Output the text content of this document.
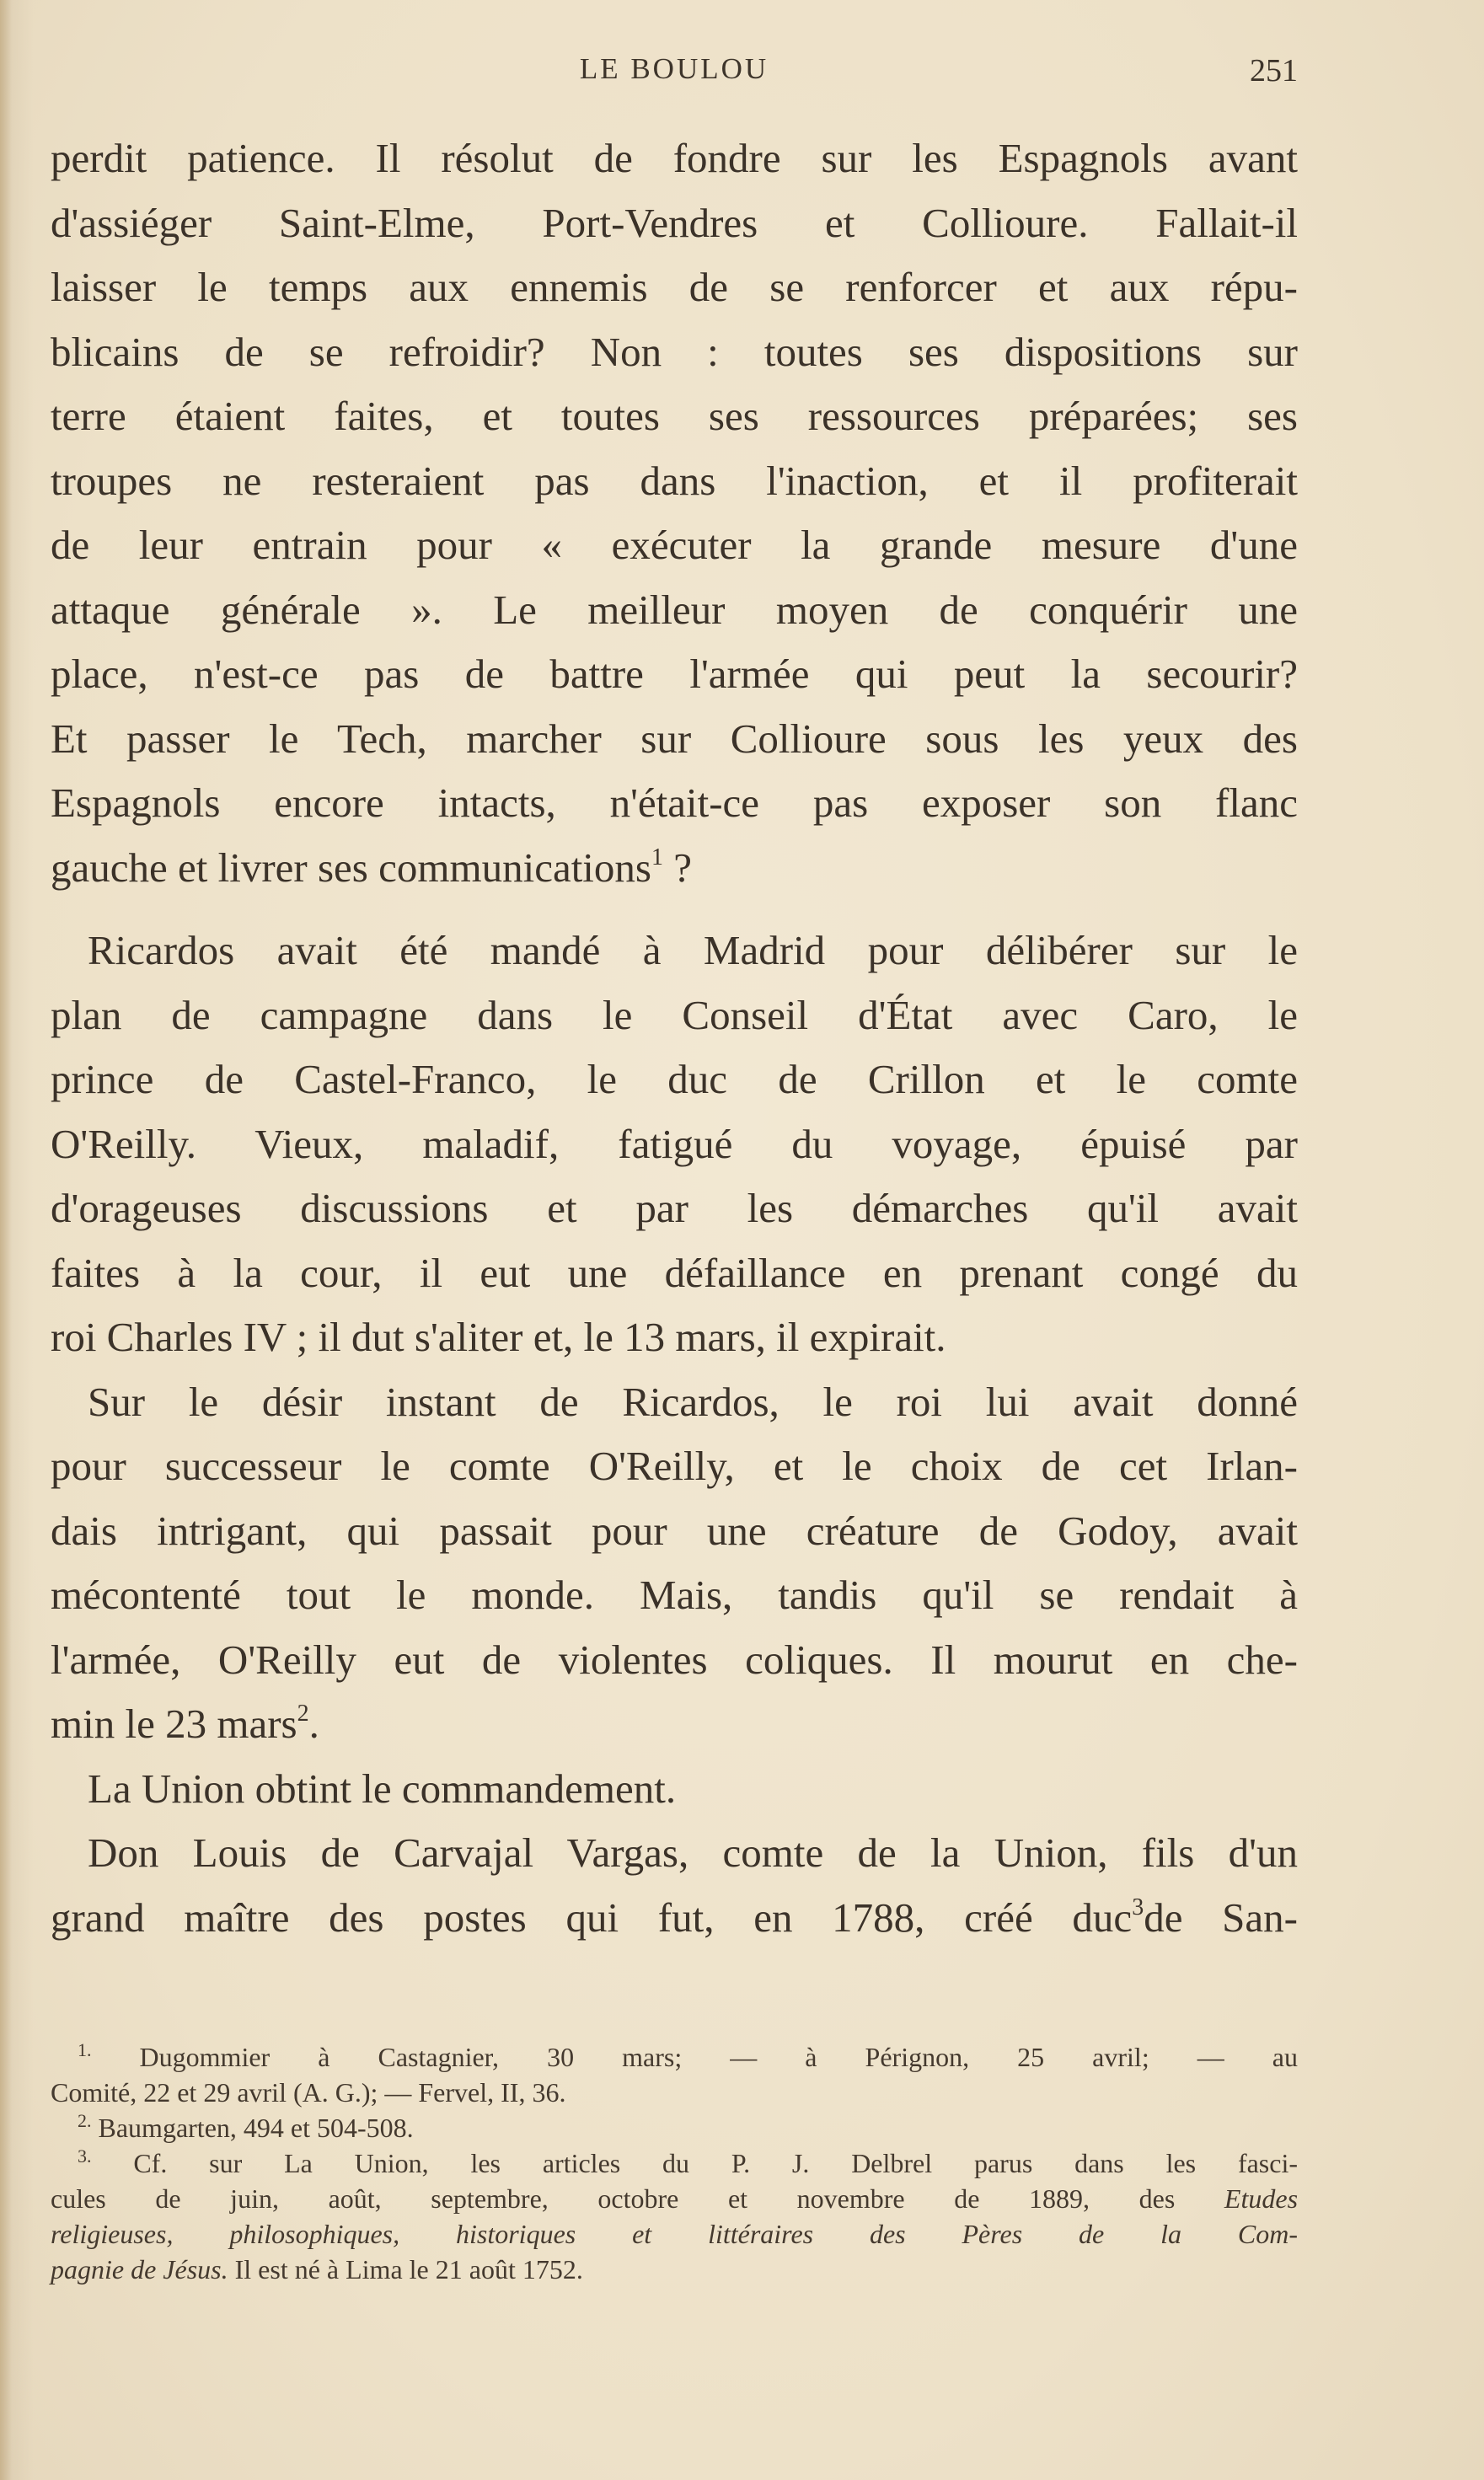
LE BOULOU	251
perdit patience. Il résolut de fondre sur les Espagnols avant
d'assiéger Saint-Elme, Port-Vendres et Collioure. Fallait-il
laisser le temps aux ennemis de se renforcer et aux répu-
blicains de se refroidir? Non : toutes ses dispositions sur
terre étaient faites, et toutes ses ressources préparées; ses
troupes ne resteraient pas dans l'inaction, et il profiterait
de leur entrain pour « exécuter la grande mesure d'une
attaque générale ». Le meilleur moyen de conquérir une
place, n'est-ce pas de battre l'armée qui peut la secourir?
Et passer le Tech, marcher sur Collioure sous les yeux des
Espagnols encore intacts, n'était-ce pas exposer son flanc
gauche et livrer ses communications$^1$ ?
Ricardos avait été mandé à Madrid pour délibérer sur le
plan de campagne dans le Conseil d'État avec Caro, le
prince de Castel-Franco, le duc de Crillon et le comte
O'Reilly. Vieux, maladif, fatigué du voyage, épuisé par
d'orageuses discussions et par les démarches qu'il avait
faites à la cour, il eut une défaillance en prenant congé du
roi Charles IV ; il dut s'aliter et, le 13 mars, il expirait.
Sur le désir instant de Ricardos, le roi lui avait donné
pour successeur le comte O'Reilly, et le choix de cet Irlan-
dais intrigant, qui passait pour une créature de Godoy, avait
mécontenté tout le monde. Mais, tandis qu'il se rendait à
l'armée, O'Reilly eut de violentes coliques. Il mourut en che-
min le 23 mars$^2$.
La Union obtint le commandement.
Don Louis de Carvajal Vargas, comte de la Union, fils d'un
grand maître des postes qui fut, en 1788, créé duc$^3$de San-
$^{1.}$ Dugommier à Castagnier, 30 mars; — à Pérignon, 25 avril; — au
Comité, 22 et 29 avril (A. G.); — Fervel, II, 36.
$^{2.}$ Baumgarten, 494 et 504-508.
$^{3.}$ Cf. sur La Union, les articles du P. J. Delbrel parus dans les fasci-
cules de juin, août, septembre, octobre et novembre de 1889, des Etudes
religieuses, philosophiques, historiques et littéraires des Pères de la Com-
pagnie de Jésus. Il est né à Lima le 21 août 1752.
